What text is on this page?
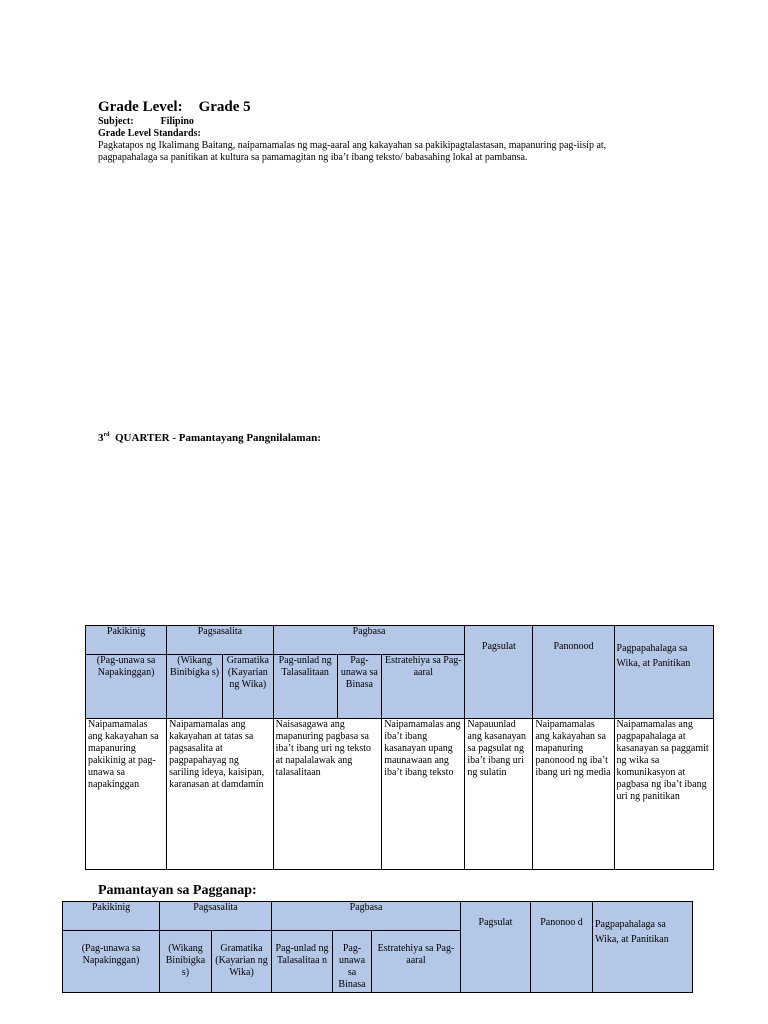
Grade Level: Grade 5
Subject:	Filipino
Grade Level Standards:
Pagkatapos ng Ikalimang Baitang, naipamamalas ng mag-aaral ang kakayahan sa pakikipagtalastasan, mapanuring pag-iisip at,
pagpapahalaga sa panitikan at kultura sa pamamagitan ng iba’t ibang teksto/ babasahing lokal at pambansa.
3rd QUARTER - Pamantayang Pangnilalaman:
Pakikinig	Pagsasalita		Pagbasa			Pagsulat	Panonood	Pagpapahalaga sa Wika, at Panitikan
(Pag-unawa sa Napakinggan)	(Wikang Binibigka s)	Gramatika (Kayarian ng Wika)	Pag-unlad ng Talasalitaan	Pag-unawa sa Binasa	Estratehiya sa Pag-aaral			
Naipamamalas ang kakayahan sa mapanuring pakikinig at pag- unawa sa napakinggan	Naipamamalas ang kakayahan at tatas sa pagsasalita at pagpapahayag ng sariling ideya, kaisipan, karanasan at damdamin		Naisasagawa ang mapanuring pagbasa sa iba’t ibang uri ng teksto at napalalawak ang talasalitaan		Naipamamalas ang iba’t ibang kasanayan upang maunawaan ang iba’t ibang teksto	Napauunlad ang kasanayan sa pagsulat ng iba’t ibang uri ng sulatin	Naipamamalas ang kakayahan sa mapanuring panonood ng iba’t ibang uri ng media	Naipamamalas ang pagpapahalaga at kasanayan sa paggamit ng wika sa komunikasyon at pagbasa ng iba’t ibang uri ng panitikan
Pamantayan sa Pagganap:
Pakikinig	Pagsasalita		Pagbasa			Pagsulat	Panonoo d	Pagpapahalaga sa Wika, at Panitikan
(Pag-unawa sa Napakinggan)	(Wikang Binibigka s)	Gramatika (Kayarian ng Wika)	Pag-unlad ng Talasalitaa n	Pag-unawa sa Binasa	Estratehiya sa Pag-aaral			
